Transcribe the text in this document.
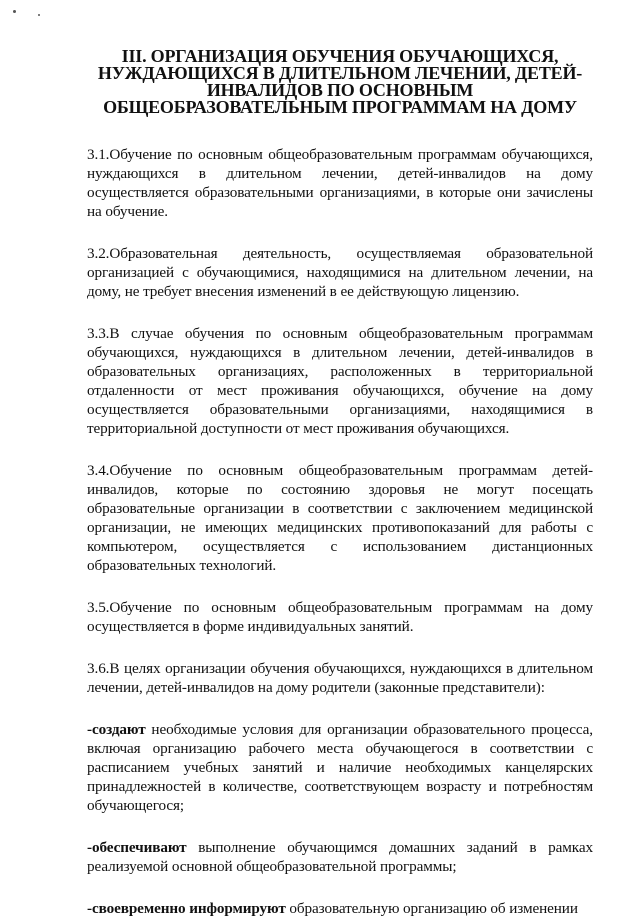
III. ОРГАНИЗАЦИЯ ОБУЧЕНИЯ ОБУЧАЮЩИХСЯ, НУЖДАЮЩИХСЯ В ДЛИТЕЛЬНОМ ЛЕЧЕНИИ, ДЕТЕЙ-ИНВАЛИДОВ ПО ОСНОВНЫМ ОБЩЕОБРАЗОВАТЕЛЬНЫМ ПРОГРАММАМ НА ДОМУ

3.1.Обучение по основным общеобразовательным программам обучающихся, нуждающихся в длительном лечении, детей-инвалидов на дому осуществляется образовательными организациями, в которые они зачислены на обучение.

3.2.Образовательная деятельность, осуществляемая образовательной организацией с обучающимися, находящимися на длительном лечении, на дому, не требует внесения изменений в ее действующую лицензию.

3.3.В случае обучения по основным общеобразовательным программам обучающихся, нуждающихся в длительном лечении, детей-инвалидов в образовательных организациях, расположенных в территориальной отдаленности от мест проживания обучающихся, обучение на дому осуществляется образовательными организациями, находящимися в территориальной доступности от мест проживания обучающихся.

3.4.Обучение по основным общеобразовательным программам детей-инвалидов, которые по состоянию здоровья не могут посещать образовательные организации в соответствии с заключением медицинской организации, не имеющих медицинских противопоказаний для работы с компьютером, осуществляется с использованием дистанционных образовательных технологий.

3.5.Обучение по основным общеобразовательным программам на дому осуществляется в форме индивидуальных занятий.

3.6.В целях организации обучения обучающихся, нуждающихся в длительном лечении, детей-инвалидов на дому родители (законные представители):

-создают необходимые условия для организации образовательного процесса, включая организацию рабочего места обучающегося в соответствии с расписанием учебных занятий и наличие необходимых канцелярских принадлежностей в количестве, соответствующем возрасту и потребностям обучающегося;

-обеспечивают выполнение обучающимся домашних заданий в рамках реализуемой основной общеобразовательной программы;

-своевременно информируют образовательную организацию об изменении
